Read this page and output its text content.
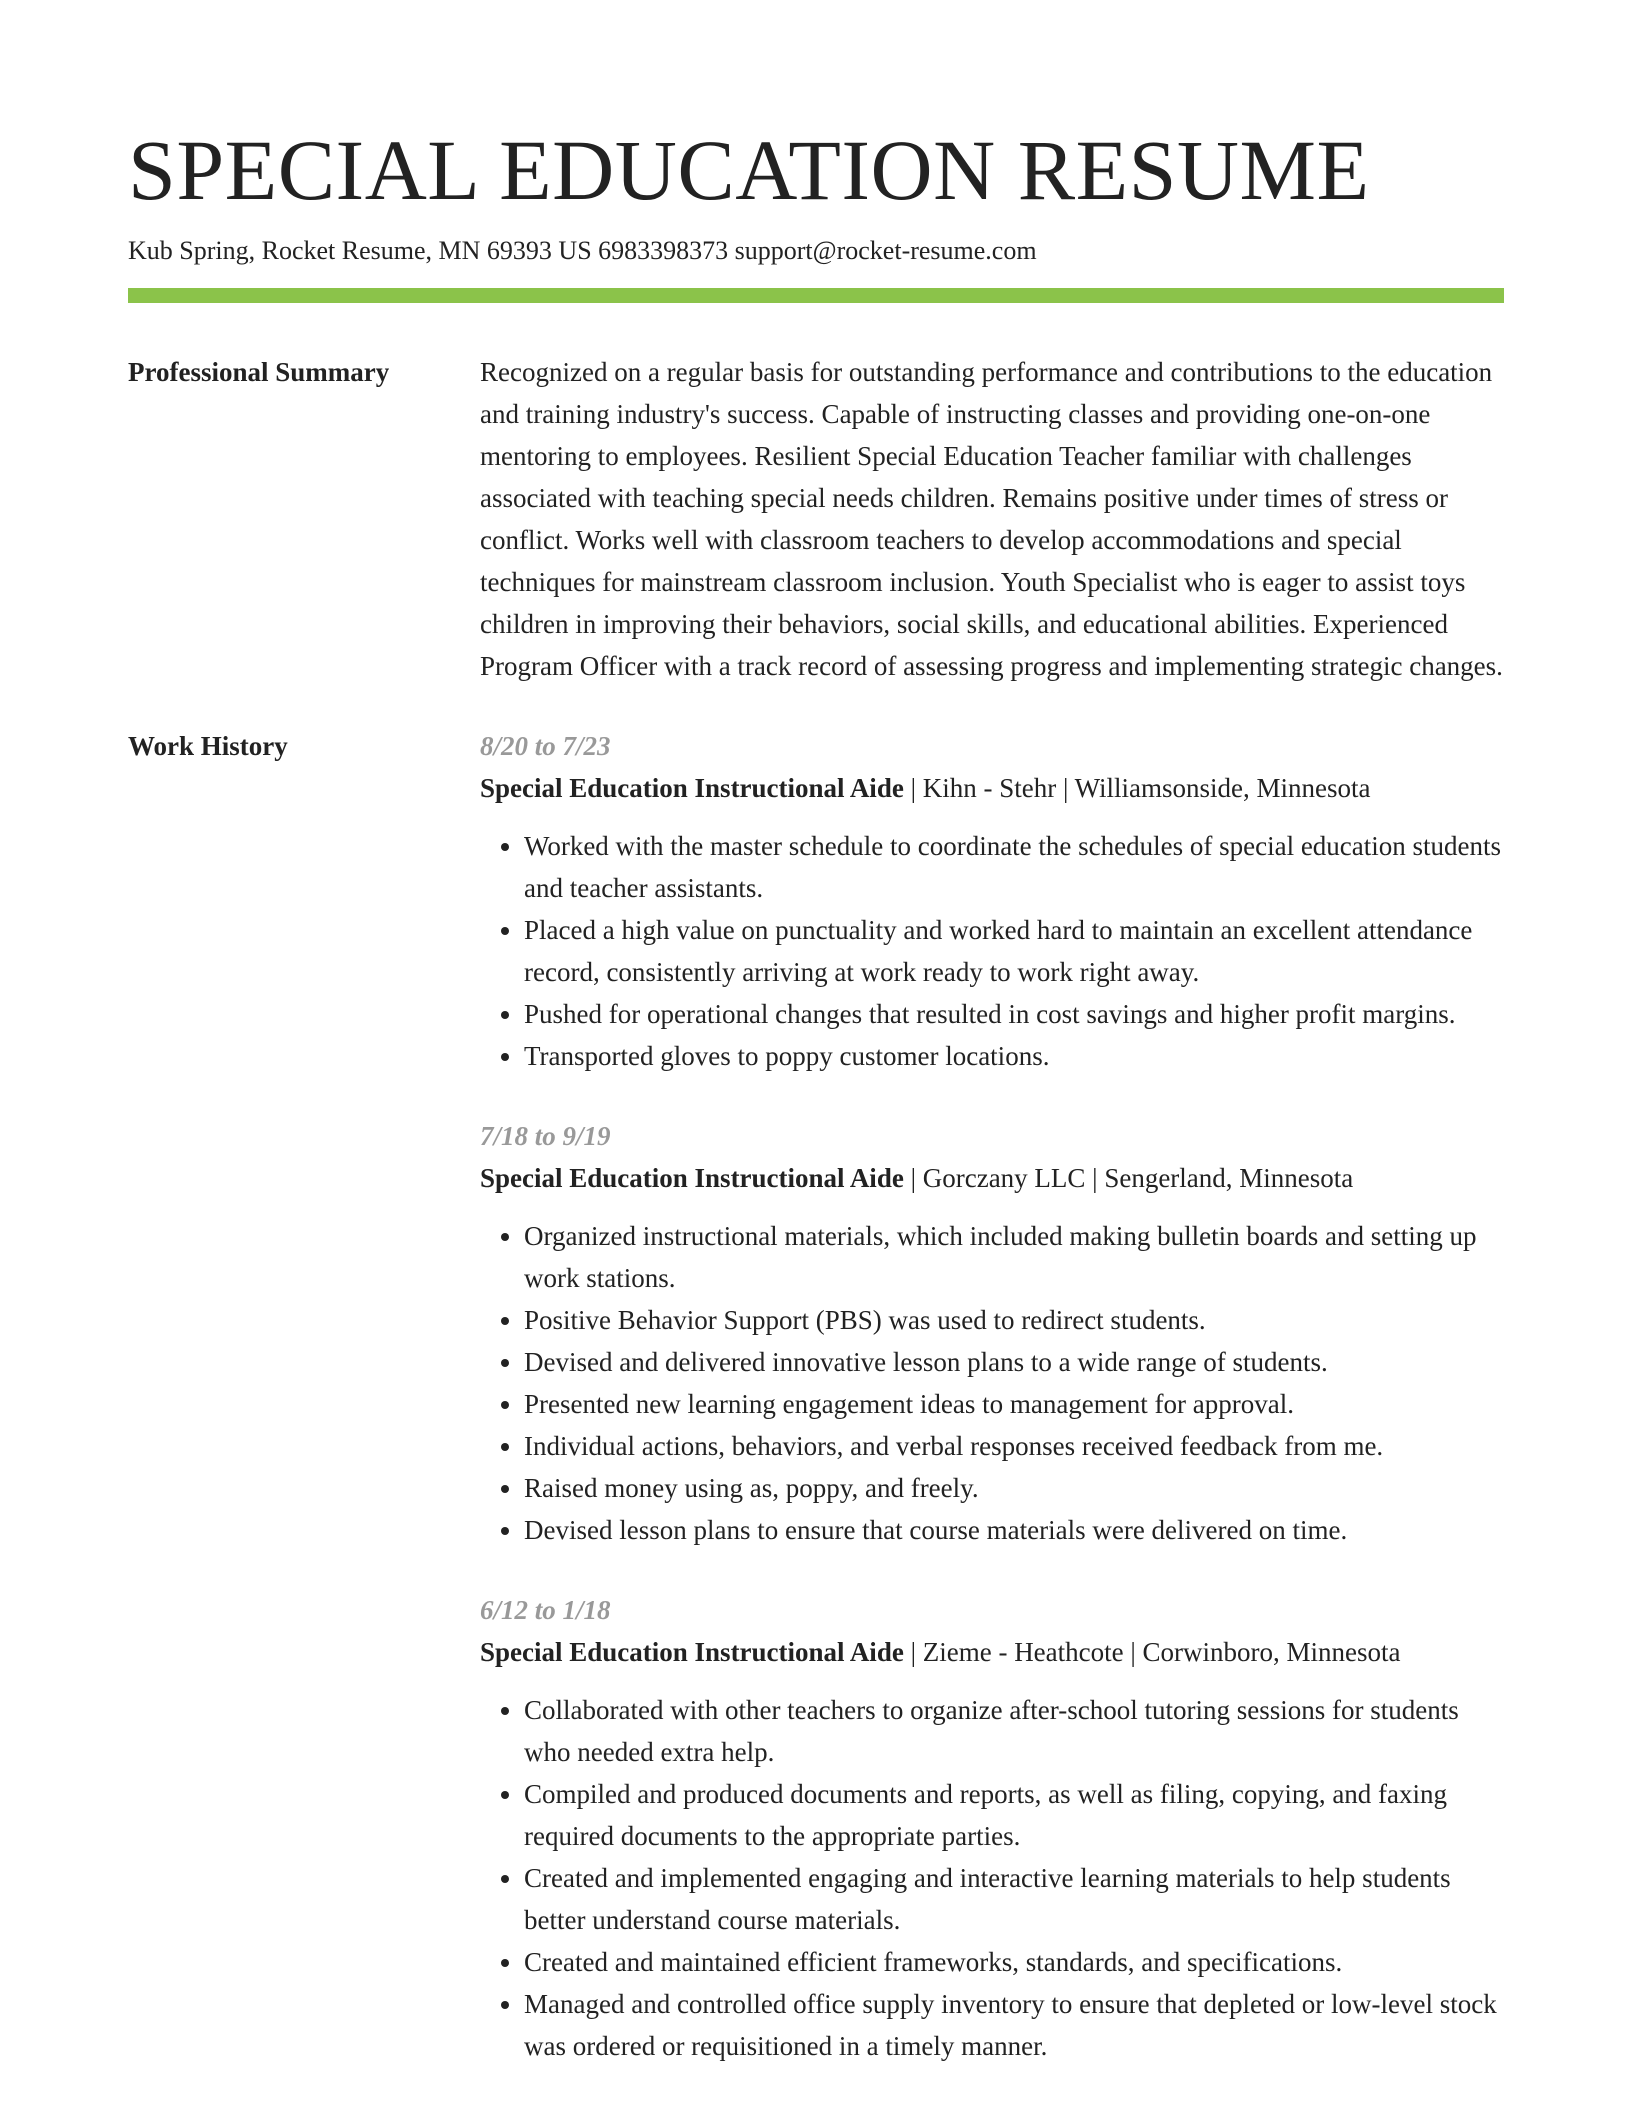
SPECIAL EDUCATION RESUME
Kub Spring, Rocket Resume, MN 69393 US 6983398373 support@rocket-resume.com
Professional Summary	Recognized on a regular basis for outstanding performance and contributions to the education and training industry's success. Capable of instructing classes and providing one-on-one mentoring to employees. Resilient Special Education Teacher familiar with challenges associated with teaching special needs children. Remains positive under times of stress or conflict. Works well with classroom teachers to develop accommodations and special techniques for mainstream classroom inclusion. Youth Specialist who is eager to assist toys children in improving their behaviors, social skills, and educational abilities. Experienced Program Officer with a track record of assessing progress and implementing strategic changes.

Work History	8/20 to 7/23
Special Education Instructional Aide | Kihn - Stehr | Williamsonside, Minnesota
• Worked with the master schedule to coordinate the schedules of special education students and teacher assistants.
• Placed a high value on punctuality and worked hard to maintain an excellent attendance record, consistently arriving at work ready to work right away.
• Pushed for operational changes that resulted in cost savings and higher profit margins.
• Transported gloves to poppy customer locations.
7/18 to 9/19
Special Education Instructional Aide | Gorczany LLC | Sengerland, Minnesota
• Organized instructional materials, which included making bulletin boards and setting up work stations.
• Positive Behavior Support (PBS) was used to redirect students.
• Devised and delivered innovative lesson plans to a wide range of students.
• Presented new learning engagement ideas to management for approval.
• Individual actions, behaviors, and verbal responses received feedback from me.
• Raised money using as, poppy, and freely.
• Devised lesson plans to ensure that course materials were delivered on time.
6/12 to 1/18
Special Education Instructional Aide | Zieme - Heathcote | Corwinboro, Minnesota
• Collaborated with other teachers to organize after-school tutoring sessions for students who needed extra help.
• Compiled and produced documents and reports, as well as filing, copying, and faxing required documents to the appropriate parties.
• Created and implemented engaging and interactive learning materials to help students better understand course materials.
• Created and maintained efficient frameworks, standards, and specifications.
• Managed and controlled office supply inventory to ensure that depleted or low-level stock was ordered or requisitioned in a timely manner.
